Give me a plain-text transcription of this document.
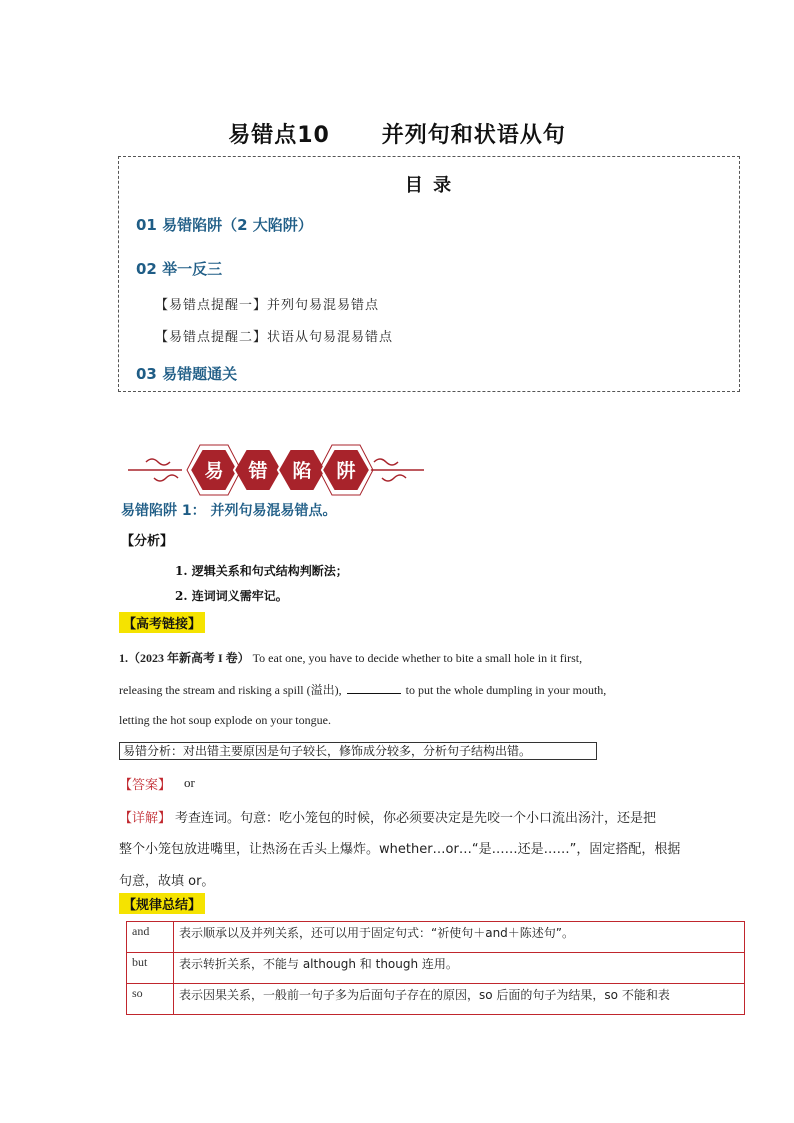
易错点10      并列句和状语从句
目 录
01 易错陷阱（2 大陷阱）
02 举一反三
【易错点提醒一】并列句易混易错点
【易错点提醒二】状语从句易混易错点
03 易错题通关
易 错 陷 阱
易错陷阱 1： 并列句易混易错点。
【分析】
1. 逻辑关系和句式结构判断法；
2. 连词词义需牢记。
【高考链接】
1.（2023 年新高考 I 卷） To eat one, you have to decide whether to bite a small hole in it first,
releasing the stream and risking a spill (溢出),	to put the whole dumpling in your mouth,
letting the hot soup explode on your tongue.
易错分析：对出错主要原因是句子较长，修饰成分较多，分析句子结构出错。
【答案】 or
【详解】 考查连词。句意：吃小笼包的时候，你必须要决定是先咬一个小口流出汤汁，还是把
整个小笼包放进嘴里，让热汤在舌头上爆炸。whether…or…“是……还是……”，固定搭配，根据
句意，故填 or。
【规律总结】
and	表示顺承以及并列关系，还可以用于固定句式：“祈使句＋and＋陈述句”。
but	表示转折关系，不能与 although 和 though 连用。
so	表示因果关系，一般前一句子多为后面句子存在的原因，so 后面的句子为结果，so 不能和表
